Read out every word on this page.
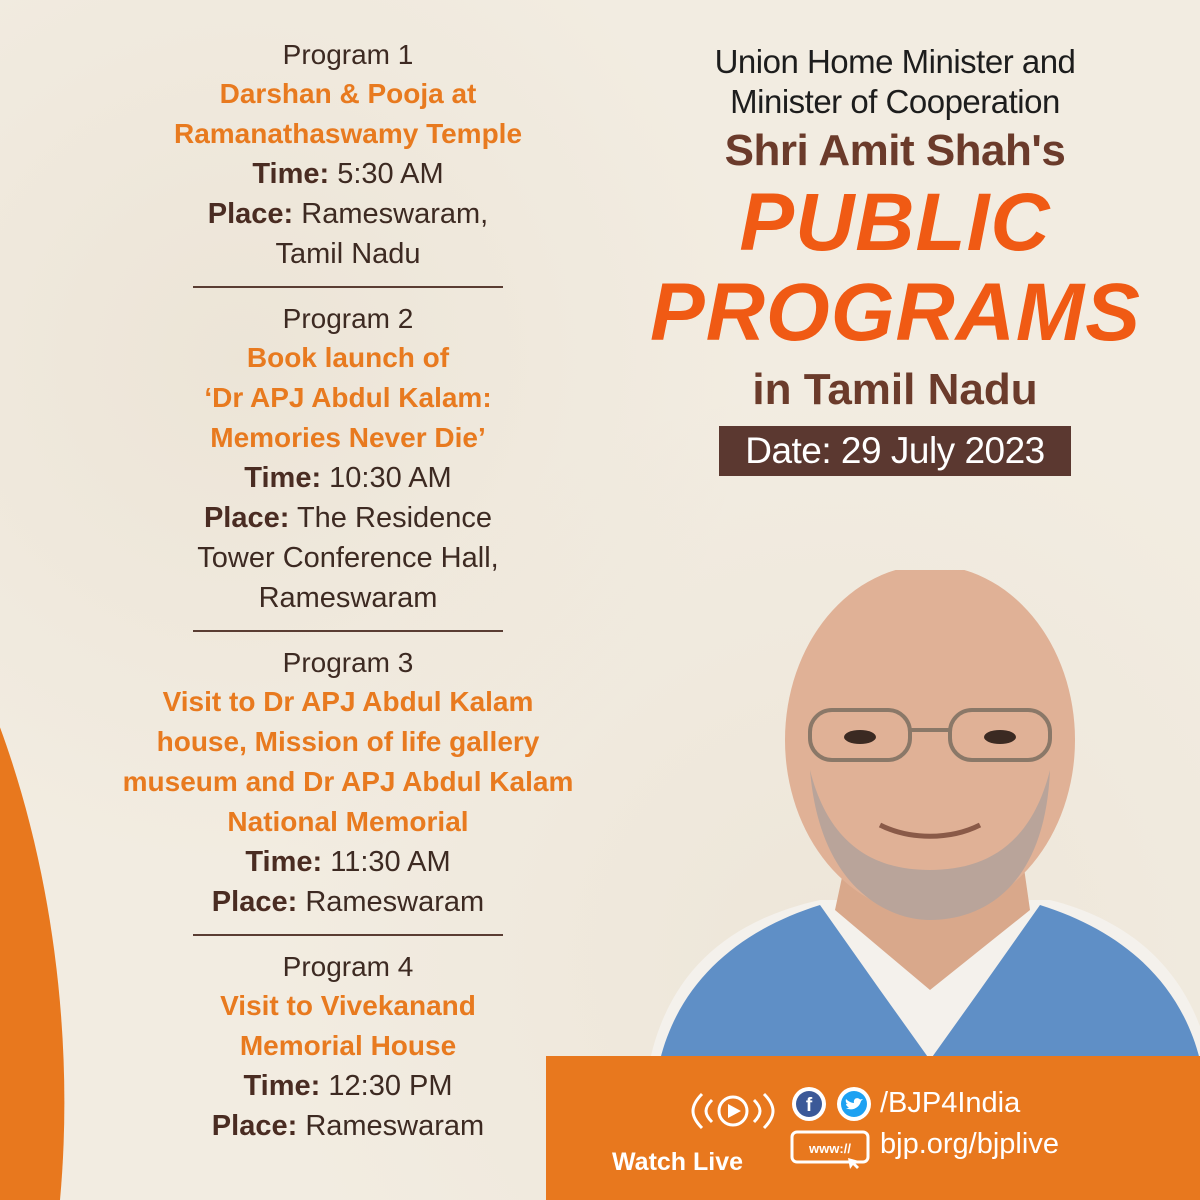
Program 1
Darshan & Pooja at
Ramanathaswamy Temple
Time: 5:30 AM
Place: Rameswaram,
Tamil Nadu
Program 2
Book launch of
‘Dr APJ Abdul Kalam:
Memories Never Die’
Time: 10:30 AM
Place: The Residence
Tower Conference Hall,
Rameswaram
Program 3
Visit to Dr APJ Abdul Kalam
house, Mission of life gallery
museum and Dr APJ Abdul Kalam
National Memorial
Time: 11:30 AM
Place: Rameswaram
Program 4
Visit to Vivekanand
Memorial House
Time: 12:30 PM
Place: Rameswaram
Union Home Minister and
Minister of Cooperation
Shri Amit Shah's
PUBLIC
PROGRAMS
in Tamil Nadu
Date: 29 July 2023
Watch Live
f /BJP4India
www:// bjp.org/bjplive
